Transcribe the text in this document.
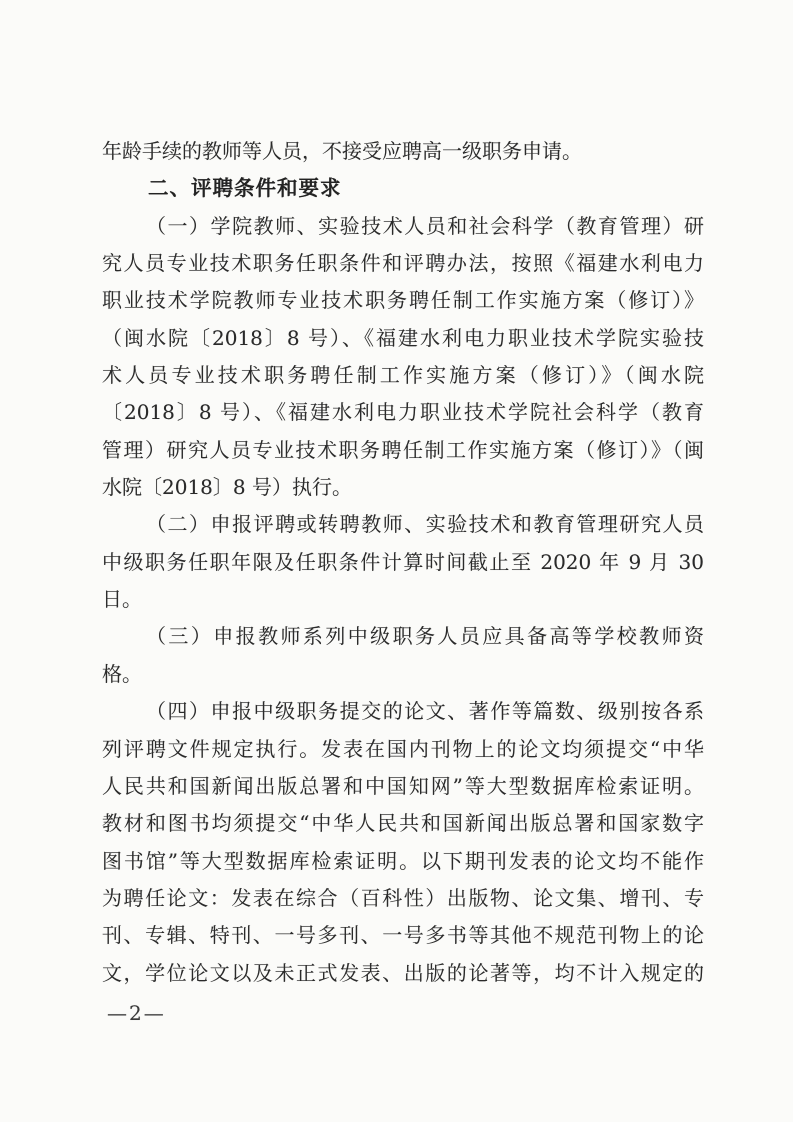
年龄手续的教师等人员，不接受应聘高一级职务申请。
二、评聘条件和要求
（一）学院教师、实验技术人员和社会科学（教育管理）研
究人员专业技术职务任职条件和评聘办法，按照《福建水利电力
职业技术学院教师专业技术职务聘任制工作实施方案（修订）》
（闽水院〔2018〕8 号）、《福建水利电力职业技术学院实验技
术人员专业技术职务聘任制工作实施方案（修订）》（闽水院
〔2018〕8 号）、《福建水利电力职业技术学院社会科学（教育
管理）研究人员专业技术职务聘任制工作实施方案（修订）》（闽
水院〔2018〕8 号）执行。
（二）申报评聘或转聘教师、实验技术和教育管理研究人员
中级职务任职年限及任职条件计算时间截止至 2020 年 9 月 30
日。
（三）申报教师系列中级职务人员应具备高等学校教师资
格。
（四）申报中级职务提交的论文、著作等篇数、级别按各系
列评聘文件规定执行。发表在国内刊物上的论文均须提交“中华
人民共和国新闻出版总署和中国知网”等大型数据库检索证明。
教材和图书均须提交“中华人民共和国新闻出版总署和国家数字
图书馆”等大型数据库检索证明。以下期刊发表的论文均不能作
为聘任论文：发表在综合（百科性）出版物、论文集、增刊、专
刊、专辑、特刊、一号多刊、一号多书等其他不规范刊物上的论
文，学位论文以及未正式发表、出版的论著等，均不计入规定的
—2—
